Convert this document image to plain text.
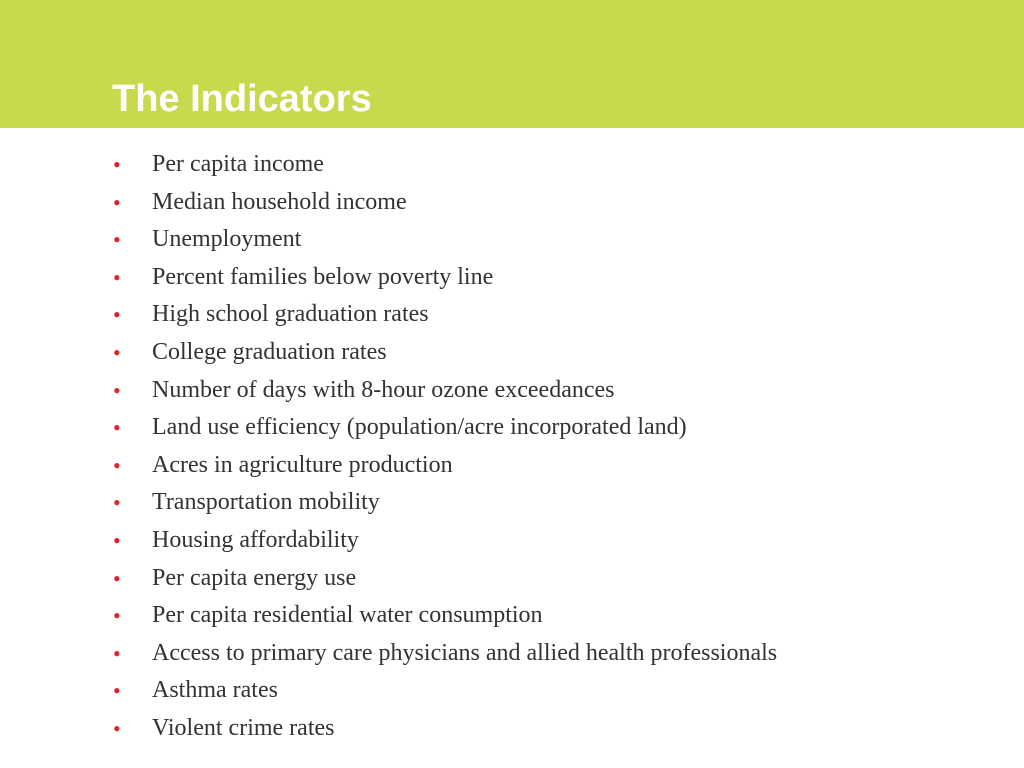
The Indicators
• Per capita income
• Median household income
• Unemployment
• Percent families below poverty line
• High school graduation rates
• College graduation rates
• Number of days with 8-hour ozone exceedances
• Land use efficiency (population/acre incorporated land)
• Acres in agriculture production
• Transportation mobility
• Housing affordability
• Per capita energy use
• Per capita residential water consumption
• Access to primary care physicians and allied health professionals
• Asthma rates
• Violent crime rates
